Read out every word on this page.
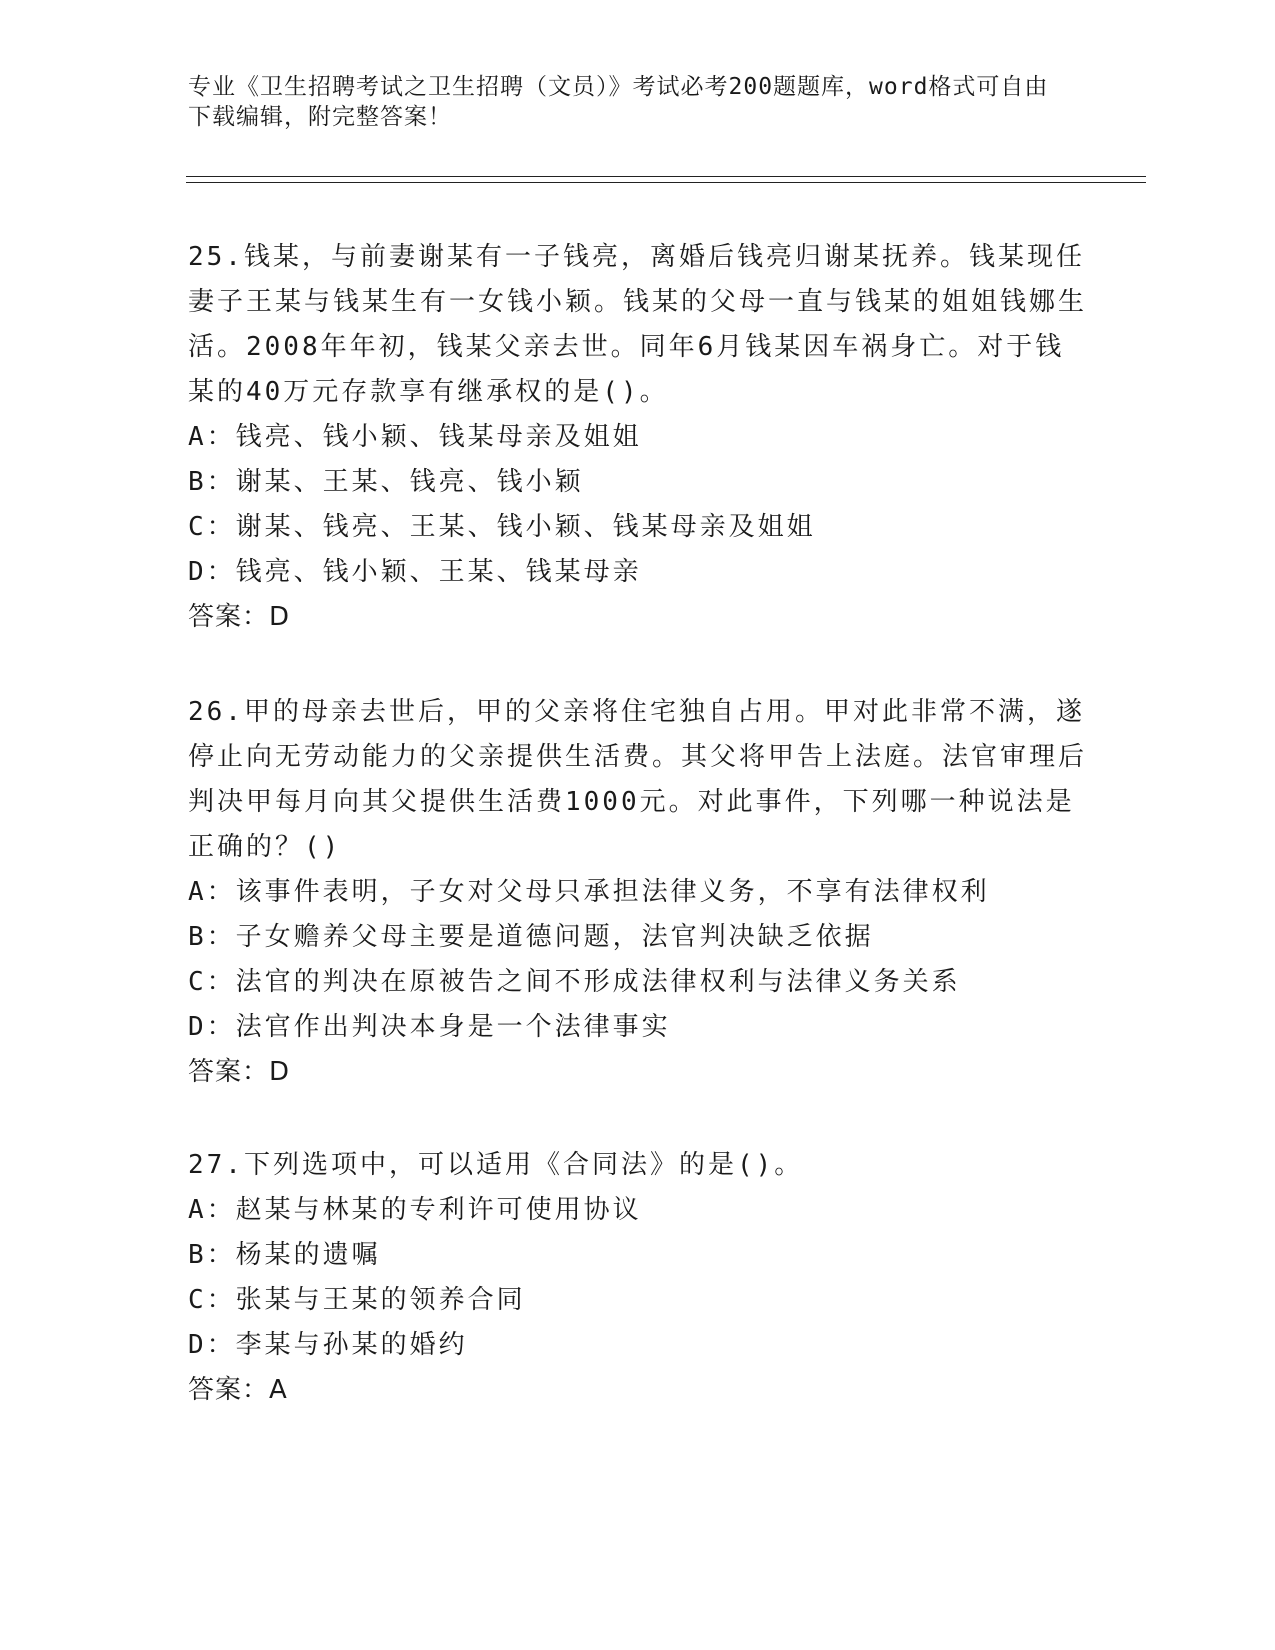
专业《卫生招聘考试之卫生招聘（文员）》考试必考200题题库，word格式可自由下载编辑，附完整答案！
25.钱某，与前妻谢某有一子钱亮，离婚后钱亮归谢某抚养。钱某现任妻子王某与钱某生有一女钱小颖。钱某的父母一直与钱某的姐姐钱娜生活。2008年年初，钱某父亲去世。同年6月钱某因车祸身亡。对于钱某的40万元存款享有继承权的是()。
A：钱亮、钱小颖、钱某母亲及姐姐
B：谢某、王某、钱亮、钱小颖
C：谢某、钱亮、王某、钱小颖、钱某母亲及姐姐
D：钱亮、钱小颖、王某、钱某母亲
答案：D
26.甲的母亲去世后，甲的父亲将住宅独自占用。甲对此非常不满，遂停止向无劳动能力的父亲提供生活费。其父将甲告上法庭。法官审理后判决甲每月向其父提供生活费1000元。对此事件，下列哪一种说法是正确的？()
A：该事件表明，子女对父母只承担法律义务，不享有法律权利
B：子女赡养父母主要是道德问题，法官判决缺乏依据
C：法官的判决在原被告之间不形成法律权利与法律义务关系
D：法官作出判决本身是一个法律事实
答案：D
27.下列选项中，可以适用《合同法》的是()。
A：赵某与林某的专利许可使用协议
B：杨某的遗嘱
C：张某与王某的领养合同
D：李某与孙某的婚约
答案：A
